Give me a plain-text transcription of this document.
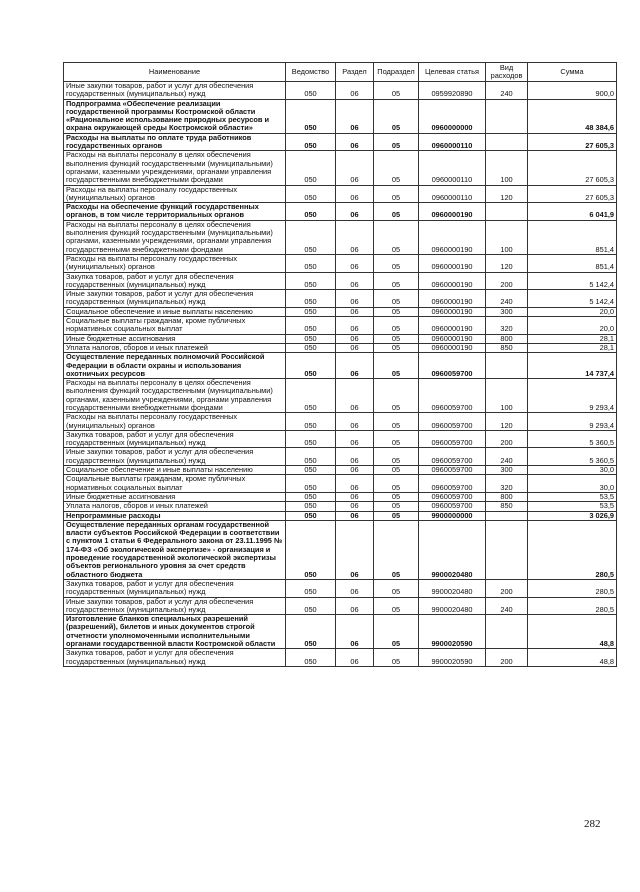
Наименование	Ведомство	Раздел	Подраздел	Целевая статья	Вид расходов	Сумма
Иные закупки товаров, работ и услуг для обеспечения государственных (муниципальных) нужд	050	06	05	0959920890	240	900,0
Подпрограмма «Обеспечение реализации государственной программы Костромской области «Рациональное использование природных ресурсов и охрана окружающей среды Костромской области»	050	06	05	0960000000		48 384,6
Расходы на выплаты по оплате труда работников государственных органов	050	06	05	0960000110		27 605,3
Расходы на выплаты персоналу в целях обеспечения выполнения функций государственными (муниципальными) органами, казенными учреждениями, органами управления государственными внебюджетными фондами	050	06	05	0960000110	100	27 605,3
Расходы на выплаты персоналу государственных (муниципальных) органов	050	06	05	0960000110	120	27 605,3
Расходы на обеспечение функций государственных органов, в том числе территориальных органов	050	06	05	0960000190		6 041,9
Расходы на выплаты персоналу в целях обеспечения выполнения функций государственными (муниципальными) органами, казенными учреждениями, органами управления государственными внебюджетными фондами	050	06	05	0960000190	100	851,4
Расходы на выплаты персоналу государственных (муниципальных) органов	050	06	05	0960000190	120	851,4
Закупка товаров, работ и услуг для обеспечения государственных (муниципальных) нужд	050	06	05	0960000190	200	5 142,4
Иные закупки товаров, работ и услуг для обеспечения государственных (муниципальных) нужд	050	06	05	0960000190	240	5 142,4
Социальное обеспечение и иные выплаты населению	050	06	05	0960000190	300	20,0
Социальные выплаты гражданам, кроме публичных нормативных социальных выплат	050	06	05	0960000190	320	20,0
Иные бюджетные ассигнования	050	06	05	0960000190	800	28,1
Уплата налогов, сборов и иных платежей	050	06	05	0960000190	850	28,1
Осуществление переданных полномочий Российской Федерации в области охраны и использования охотничьих ресурсов	050	06	05	0960059700		14 737,4
Расходы на выплаты персоналу в целях обеспечения выполнения функций государственными (муниципальными) органами, казенными учреждениями, органами управления государственными внебюджетными фондами	050	06	05	0960059700	100	9 293,4
Расходы на выплаты персоналу государственных (муниципальных) органов	050	06	05	0960059700	120	9 293,4
Закупка товаров, работ и услуг для обеспечения государственных (муниципальных) нужд	050	06	05	0960059700	200	5 360,5
Иные закупки товаров, работ и услуг для обеспечения государственных (муниципальных) нужд	050	06	05	0960059700	240	5 360,5
Социальное обеспечение и иные выплаты населению	050	06	05	0960059700	300	30,0
Социальные выплаты гражданам, кроме публичных нормативных социальных выплат	050	06	05	0960059700	320	30,0
Иные бюджетные ассигнования	050	06	05	0960059700	800	53,5
Уплата налогов, сборов и иных платежей	050	06	05	0960059700	850	53,5
Непрограммные расходы	050	06	05	9900000000		3 026,9
Осуществление переданных органам государственной власти субъектов Российской Федерации в соответствии с пунктом 1 статьи 6 Федерального закона от 23.11.1995 № 174-ФЗ «Об экологической экспертизе» - организация и проведение государственной экологической экспертизы объектов регионального уровня за счет средств областного бюджета	050	06	05	9900020480		280,5
Закупка товаров, работ и услуг для обеспечения государственных (муниципальных) нужд	050	06	05	9900020480	200	280,5
Иные закупки товаров, работ и услуг для обеспечения государственных (муниципальных) нужд	050	06	05	9900020480	240	280,5
Изготовление бланков специальных разрешений (разрешений), билетов и иных документов строгой отчетности уполномоченными исполнительными органами государственной власти Костромской области	050	06	05	9900020590		48,8
Закупка товаров, работ и услуг для обеспечения государственных (муниципальных) нужд	050	06	05	9900020590	200	48,8
282
